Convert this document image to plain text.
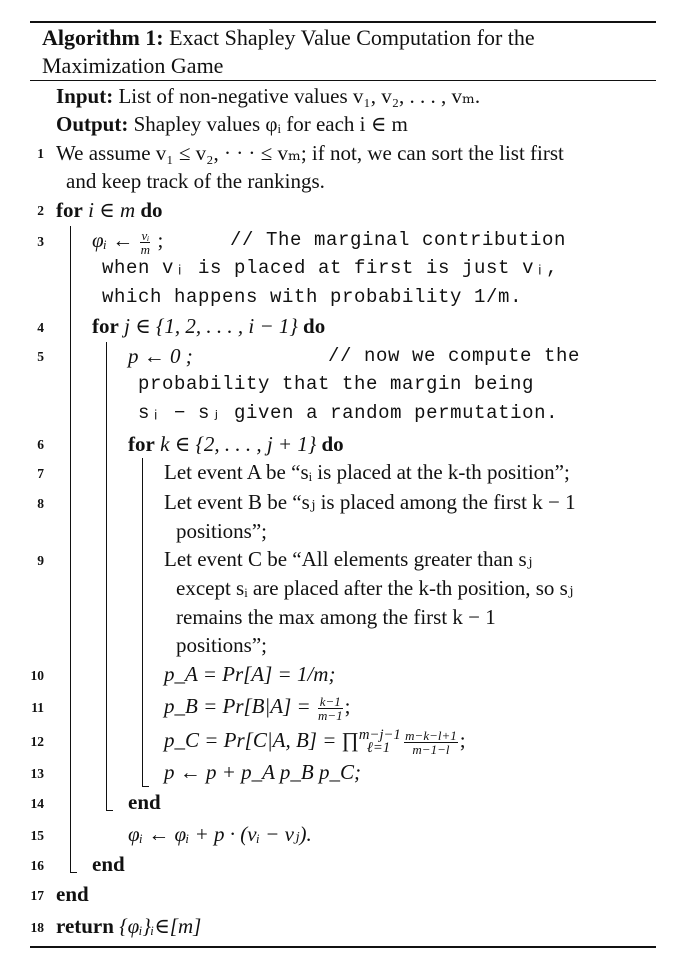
Algorithm 1: Exact Shapley Value Computation for the
Maximization Game
Input: List of non-negative values v₁, v₂, . . . , vₘ.
Output: Shapley values φᵢ for each i ∈ m
1 We assume v₁ ≤ v₂, · · · ≤ vₘ; if not, we can sort the list first
and keep track of the rankings.
2 for i ∈ m do
3 φᵢ ← $\frac{\text{vᵢ}}{m}$ ;	// The marginal contribution
when vᵢ is placed at first is just vᵢ,
which happens with probability 1/m.
4 for j ∈ {1, 2, . . . , i − 1} do
5	p ← 0 ;	// now we compute the
probability that the margin being
sᵢ − sⱼ given a random permutation.
6	for k ∈ {2, . . . , j + 1} do
7	Let event A be “sᵢ is placed at the k-th position”;
8	Let event B be “sⱼ is placed among the first k − 1
positions”;
9	Let event C be “All elements greater than sⱼ
except sᵢ are placed after the k-th position, so sⱼ
remains the max among the first k − 1
positions”;
10	p_A = Pr[A] = 1/m;
11	p_B = $Pr[B|A] = \frac{k-1}{m-1}$ ;
12	p_C = Pr[C|A, B] = ∏$^{m-j-1}_{\ell=1}$ $\frac{m-k-l+1}{m-1-l}$ ;
13	p ← p + p_A p_B p_C;
14	end
15	φᵢ ← φᵢ + p · (vᵢ − vⱼ).
16 end
17 end
18 return {φᵢ}ᵢ∈[m]
